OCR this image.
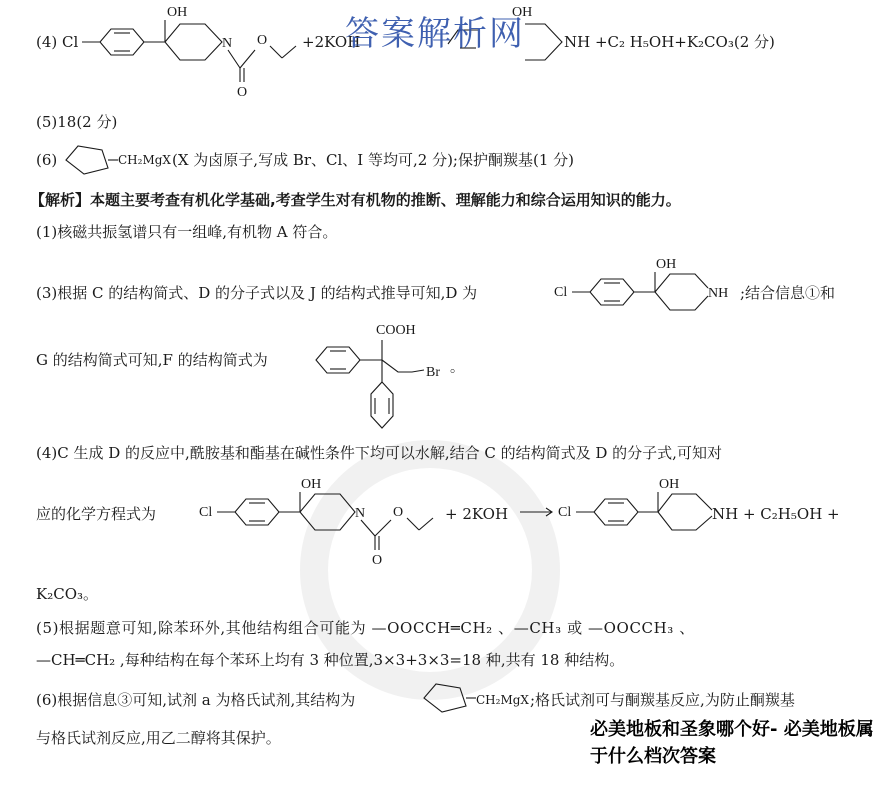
(4) Cl
OH
N
O
O
OH
+2KOH	NH +C₂ H₅OH+K₂CO₃(2 分)
答案解析网
(5)18(2 分)
(6)	CH₂MgX (X 为卤原子,写成 Br、Cl、I 等均可,2 分);保护酮羰基(1 分)
【解析】本题主要考查有机化学基础,考查学生对有机物的推断、理解能力和综合运用知识的能力。
(1)核磁共振氢谱只有一组峰,有机物 A 符合。
(3)根据 C 的结构简式、D 的分子式以及 J 的结构式推导可知,D 为	Cl
OH
NH ;结合信息①和
G 的结构简式可知,F 的结构简式为
COOH
Br 。
(4)C 生成 D 的反应中,酰胺基和酯基在碱性条件下均可以水解,结合 C 的结构简式及 D 的分子式,可知对
应的化学方程式为	Cl
OH
N
O
O	+ 2KOH	Cl
OH
NH + C₂H₅OH +
K₂CO₃。
(5)根据题意可知,除苯环外,其他结构组合可能为 —OOCCH═CH₂ 、—CH₃ 或 —OOCCH₃ 、
—CH═CH₂ ,每种结构在每个苯环上均有 3 种位置,3×3+3×3=18 种,共有 18 种结构。
(6)根据信息③可知,试剂 a 为格氏试剂,其结构为	CH₂MgX ;格氏试剂可与酮羰基反应,为防止酮羰基
与格氏试剂反应,用乙二醇将其保护。	必美地板和圣象哪个好- 必美地板属于什么档次答案
